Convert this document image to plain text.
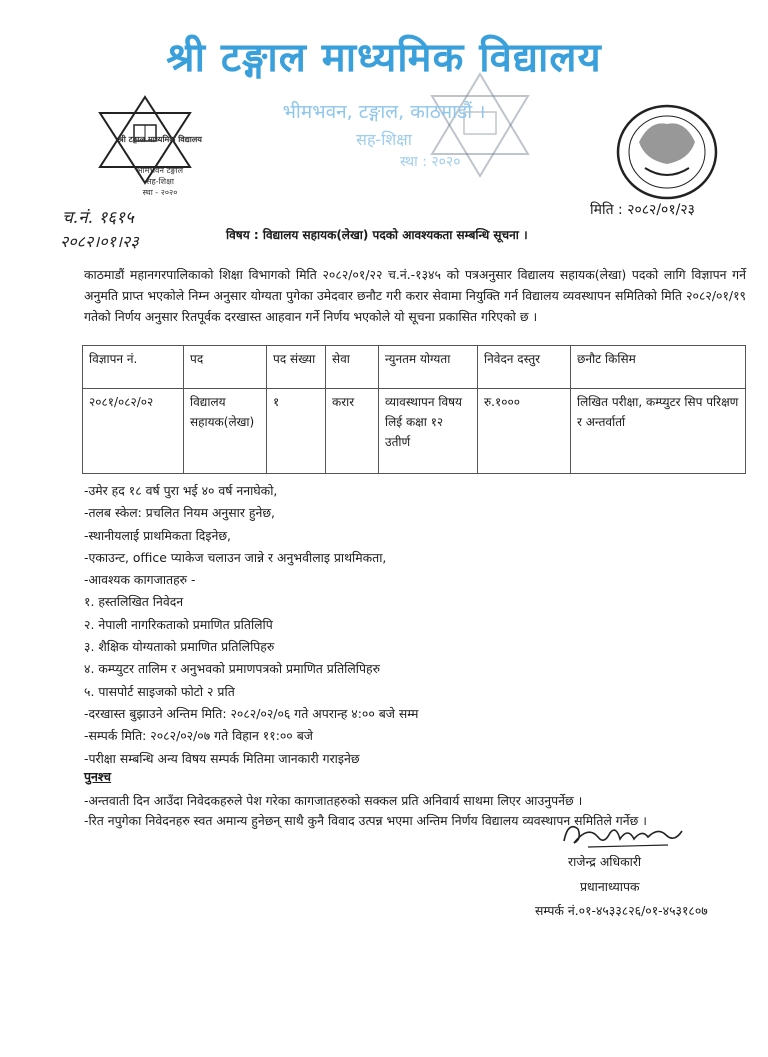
श्री टङ्गाल माध्यमिक विद्यालय
भीमभवन, टङ्गाल, काठमाडौं ।
सह-शिक्षा
स्था : २०२०
श्री टङ्गाल माध्यमिक विद्यालय
भीमभवन टङ्गाल
सह-शिक्षा
स्था - २०२०
च.नं. १६१५
२०८२।०१।२३
मिति : २०८२/०१/२३
विषय : विद्यालय सहायक(लेखा) पदको आवश्यकता सम्बन्धि सूचना ।
काठमाडौं महानगरपालिकाको शिक्षा विभागको मिति २०८२/०१/२२ च.नं.-१३४५ को पत्रअनुसार विद्यालय सहायक(लेखा) पदको लागि विज्ञापन गर्ने अनुमति प्राप्त भएकोले निम्न अनुसार योग्यता पुगेका उमेदवार छनौट गरी करार सेवामा नियुक्ति गर्न विद्यालय व्यवस्थापन समितिको मिति २०८२/०१/१९ गतेको निर्णय अनुसार रितपूर्वक दरखास्त आहवान गर्ने निर्णय भएकोले यो सूचना प्रकासित गरिएको छ ।
विज्ञापन नं.	पद	पद संख्या	सेवा	न्युनतम योग्यता	निवेदन दस्तुर	छनौट किसिम
२०८१/०८२/०२	विद्यालय सहायक(लेखा)	१	करार	व्यावस्थापन विषय लिई कक्षा १२ उतीर्ण	रु.१०००	लिखित परीक्षा, कम्प्युटर सिप परिक्षण र अन्तर्वार्ता
-उमेर हद १८ वर्ष पुरा भई ४० वर्ष ननाघेको,
-तलब स्केल: प्रचलित नियम अनुसार हुनेछ,
-स्थानीयलाई प्राथमिकता दिइनेछ,
-एकाउन्ट, office प्याकेज चलाउन जान्ने र अनुभवीलाइ प्राथमिकता,
-आवश्यक कागजातहरु -
१. हस्तलिखित निवेदन
२. नेपाली नागरिकताको प्रमाणित प्रतिलिपि
३. शैक्षिक योग्यताको प्रमाणित प्रतिलिपिहरु
४. कम्प्युटर तालिम र अनुभवको प्रमाणपत्रको प्रमाणित प्रतिलिपिहरु
५. पासपोर्ट साइजको फोटो २ प्रति
-दरखास्त बुझाउने अन्तिम मिति: २०८२/०२/०६ गते अपरान्ह ४:०० बजे सम्म
-सम्पर्क मिति: २०८२/०२/०७ गते विहान ११:०० बजे
-परीक्षा सम्बन्धि अन्य विषय सम्पर्क मितिमा जानकारी गराइनेछ
पुनश्च
-अन्तवाती दिन आउँदा निवेदकहरुले पेश गरेका कागजातहरुको सक्कल प्रति अनिवार्य साथमा लिएर आउनुपर्नेछ ।
-रित नपुगेका निवेदनहरु स्वत अमान्य हुनेछन् साथै कुनै विवाद उत्पन्न भएमा अन्तिम निर्णय विद्यालय व्यवस्थापन समितिले गर्नेछ ।
राजेन्द्र अधिकारी
प्रधानाध्यापक
सम्पर्क नं.०१-४५३३८२६/०१-४५३१८०७
